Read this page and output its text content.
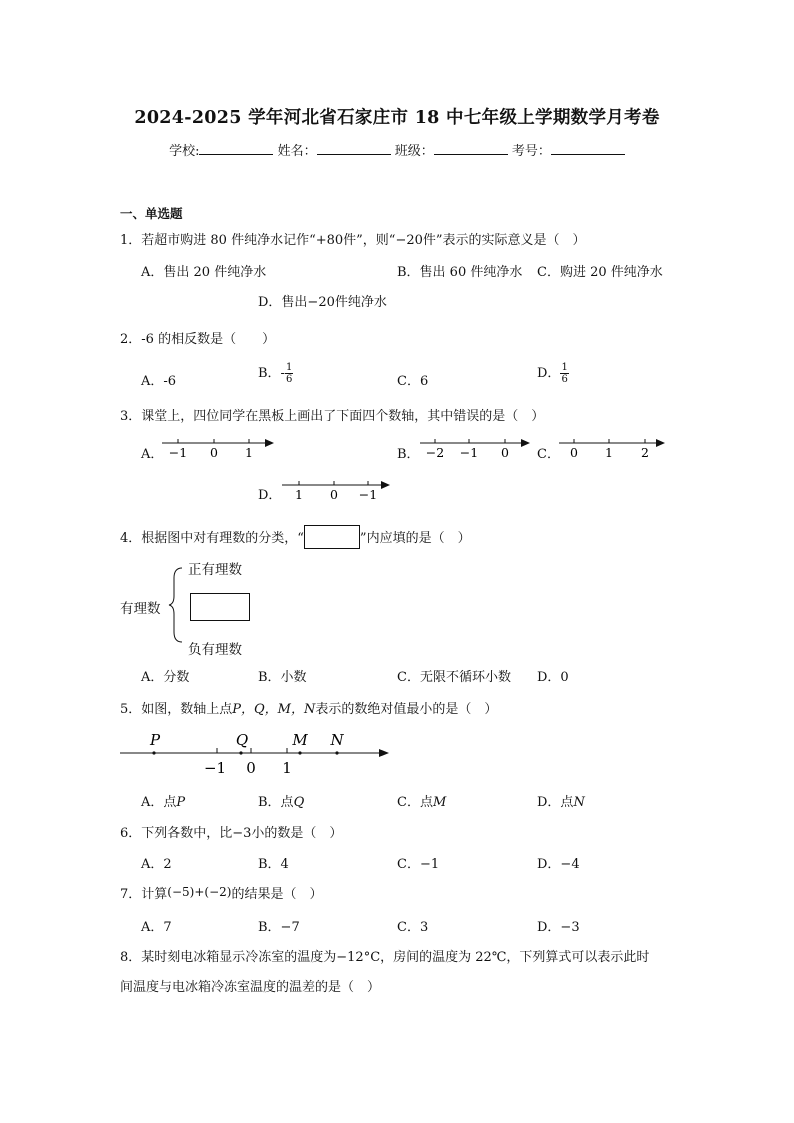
2024-2025 学年河北省石家庄市 18 中七年级上学期数学月考卷
学校:	姓名：	班级：	考号：
一、单选题
1．若超市购进 80 件纯净水记作“+80件”，则“−20件”表示的实际意义是（　）
A．售出 20 件纯净水	B．售出 60 件纯净水 C．购进 20 件纯净水
D．售出−20件纯净水
2．-6 的相反数是（　　）
A．-6
B．- $\frac{1}{6}$	C．6
D． $\frac{1}{6}$
3．课堂上，四位同学在黑板上画出了下面四个数轴，其中错误的是（　）
A． −1 0 1	B． −2 −1 0 C． 0 1 2
D． 1 0 −1
4．根据图中对有理数的分类，“	”内应填的是（　）
有理数
正有理数
负有理数
A．分数	B．小数	C．无限不循环小数 D．0
5．如图，数轴上点P，Q，M，N表示的数绝对值最小的是（　）
P	Q	M N
−1 0 1
A．点P	B．点Q	C．点M	D．点N
6．下列各数中，比−3小的数是（　）
A．2	B．4	C．−1	D．−4
7．计算(−5)+(−2)的结果是（　）
A．7	B．−7	C．3	D．−3
8．某时刻电冰箱显示冷冻室的温度为−12°C，房间的温度为 22℃，下列算式可以表示此时
间温度与电冰箱冷冻室温度的温差的是（　）
